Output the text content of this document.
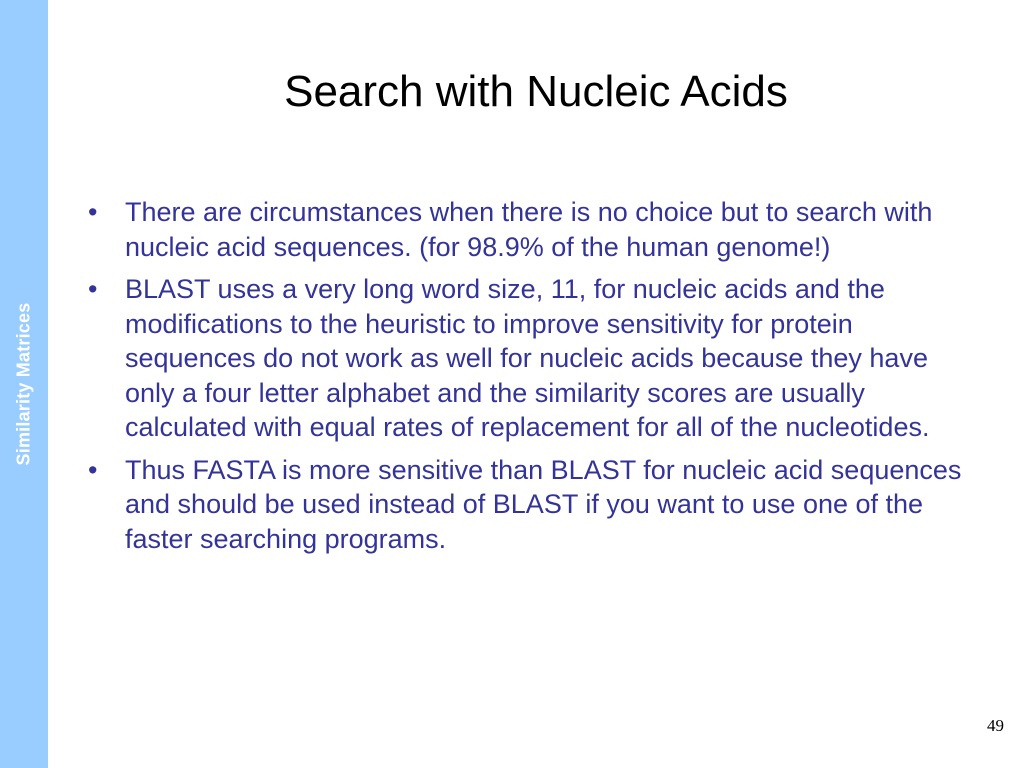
Similarity Matrices
Search with Nucleic Acids
• There are circumstances when there is no choice but to search with nucleic acid sequences. (for 98.9% of the human genome!)
• BLAST uses a very long word size, 11, for nucleic acids and the modifications to the heuristic to improve sensitivity for protein sequences do not work as well for nucleic acids because they have only a four letter alphabet and the similarity scores are usually calculated with equal rates of replacement for all of the nucleotides.
• Thus FASTA is more sensitive than BLAST for nucleic acid sequences and should be used instead of BLAST if you want to use one of the faster searching programs.
49
